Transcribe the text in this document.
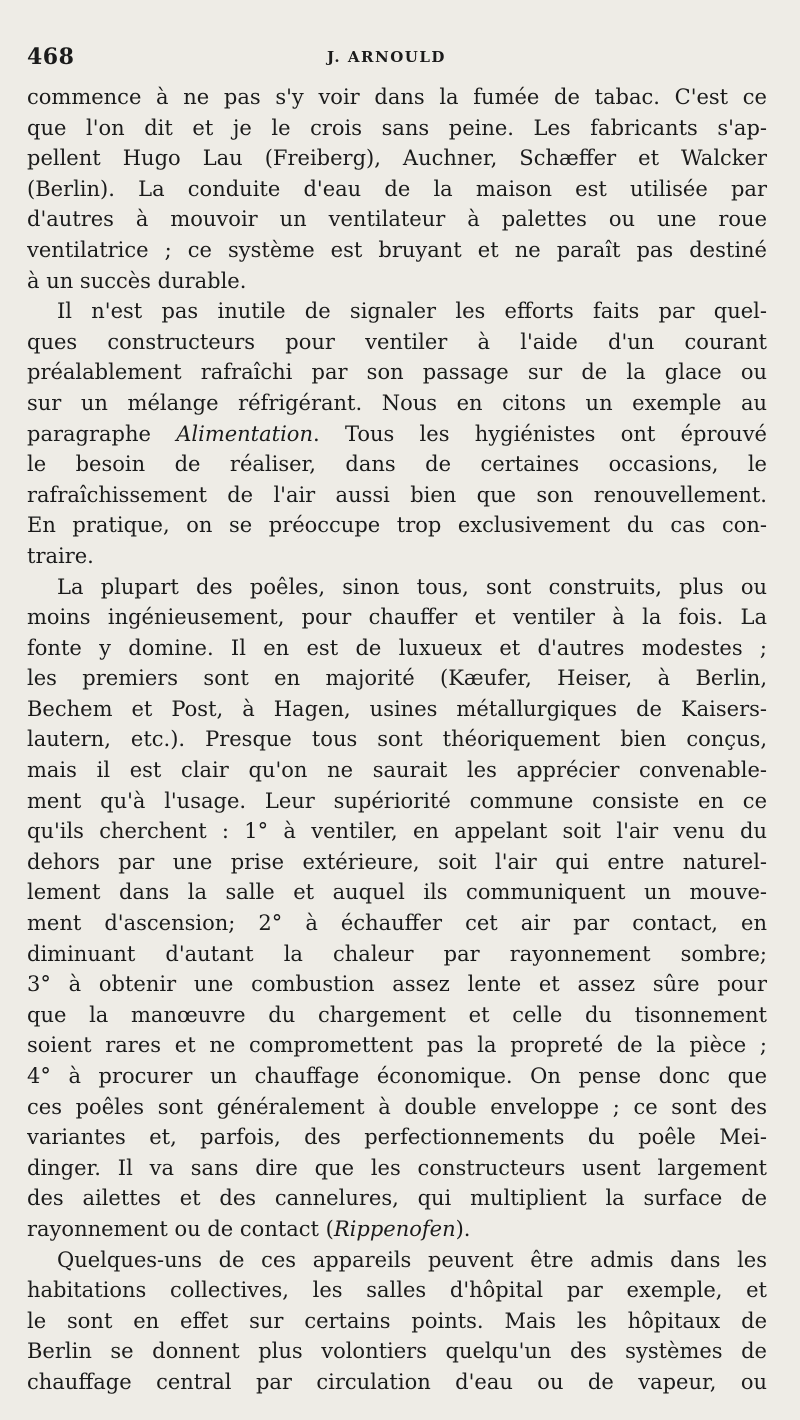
468	J. ARNOULD
commence à ne pas s'y voir dans la fumée de tabac. C'est ce
que l'on dit et je le crois sans peine. Les fabricants s'ap-
pellent Hugo Lau (Freiberg), Auchner, Schæffer et Walcker
(Berlin). La conduite d'eau de la maison est utilisée par
d'autres à mouvoir un ventilateur à palettes ou une roue
ventilatrice ; ce système est bruyant et ne paraît pas destiné
à un succès durable.
Il n'est pas inutile de signaler les efforts faits par quel-
ques constructeurs pour ventiler à l'aide d'un courant
préalablement rafraîchi par son passage sur de la glace ou
sur un mélange réfrigérant. Nous en citons un exemple au
paragraphe Alimentation. Tous les hygiénistes ont éprouvé
le besoin de réaliser, dans de certaines occasions, le
rafraîchissement de l'air aussi bien que son renouvellement.
En pratique, on se préoccupe trop exclusivement du cas con-
traire.
La plupart des poêles, sinon tous, sont construits, plus ou
moins ingénieusement, pour chauffer et ventiler à la fois. La
fonte y domine. Il en est de luxueux et d'autres modestes ;
les premiers sont en majorité (Kæufer, Heiser, à Berlin,
Bechem et Post, à Hagen, usines métallurgiques de Kaisers-
lautern, etc.). Presque tous sont théoriquement bien conçus,
mais il est clair qu'on ne saurait les apprécier convenable-
ment qu'à l'usage. Leur supériorité commune consiste en ce
qu'ils cherchent : 1° à ventiler, en appelant soit l'air venu du
dehors par une prise extérieure, soit l'air qui entre naturel-
lement dans la salle et auquel ils communiquent un mouve-
ment d'ascension; 2° à échauffer cet air par contact, en
diminuant d'autant la chaleur par rayonnement sombre;
3° à obtenir une combustion assez lente et assez sûre pour
que la manœuvre du chargement et celle du tisonnement
soient rares et ne compromettent pas la propreté de la pièce ;
4° à procurer un chauffage économique. On pense donc que
ces poêles sont généralement à double enveloppe ; ce sont des
variantes et, parfois, des perfectionnements du poêle Mei-
dinger. Il va sans dire que les constructeurs usent largement
des ailettes et des cannelures, qui multiplient la surface de
rayonnement ou de contact (Rippenofen).
Quelques-uns de ces appareils peuvent être admis dans les
habitations collectives, les salles d'hôpital par exemple, et
le sont en effet sur certains points. Mais les hôpitaux de
Berlin se donnent plus volontiers quelqu'un des systèmes de
chauffage central par circulation d'eau ou de vapeur, ou
